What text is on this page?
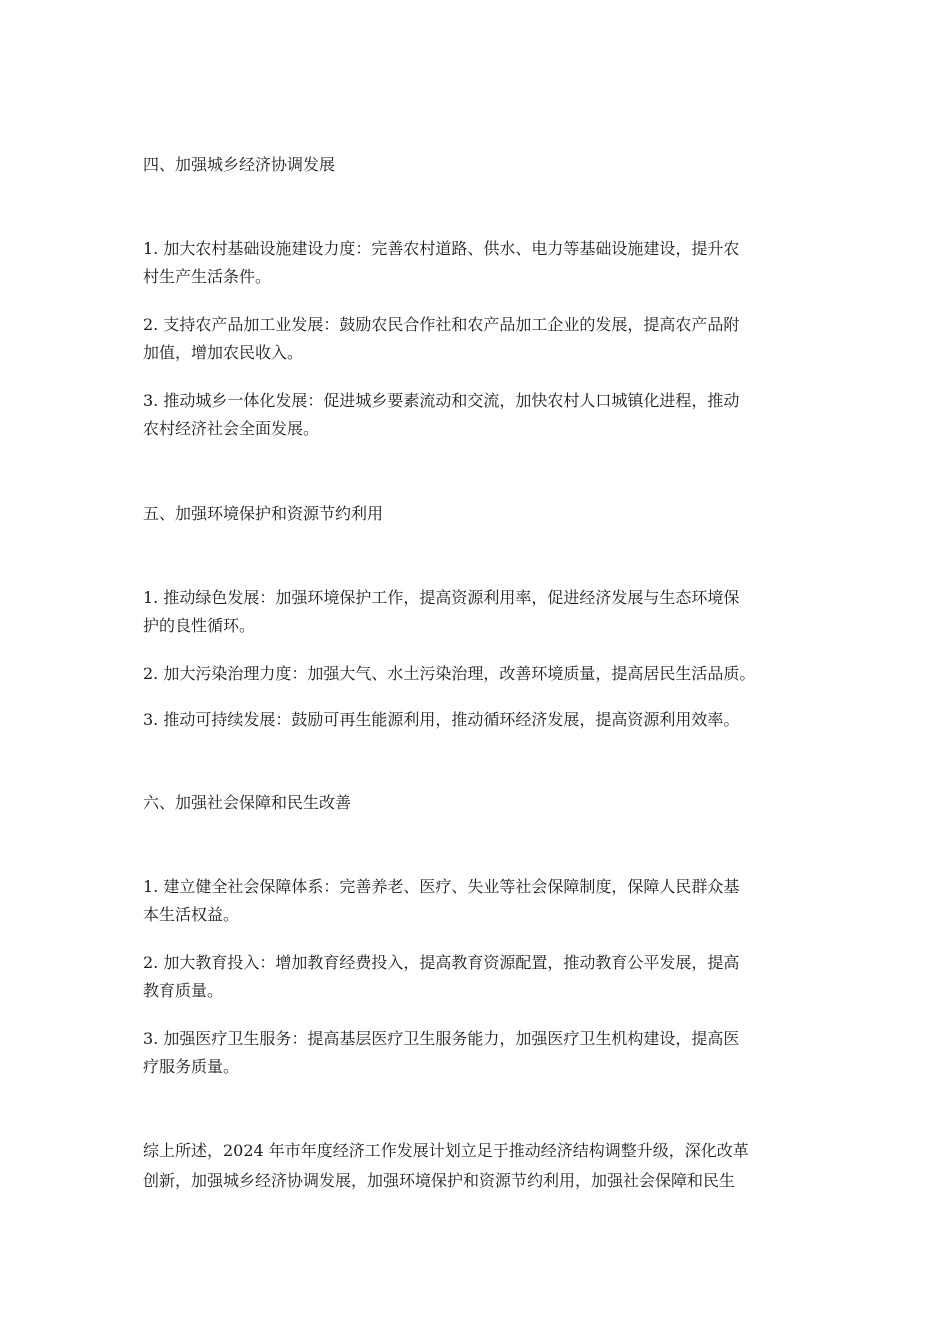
四、加强城乡经济协调发展
1. 加大农村基础设施建设力度：完善农村道路、供水、电力等基础设施建设，提升农
村生产生活条件。
2. 支持农产品加工业发展：鼓励农民合作社和农产品加工企业的发展，提高农产品附
加值，增加农民收入。
3. 推动城乡一体化发展：促进城乡要素流动和交流，加快农村人口城镇化进程，推动
农村经济社会全面发展。
五、加强环境保护和资源节约利用
1. 推动绿色发展：加强环境保护工作，提高资源利用率，促进经济发展与生态环境保
护的良性循环。
2. 加大污染治理力度：加强大气、水土污染治理，改善环境质量，提高居民生活品质。
3. 推动可持续发展：鼓励可再生能源利用，推动循环经济发展，提高资源利用效率。
六、加强社会保障和民生改善
1. 建立健全社会保障体系：完善养老、医疗、失业等社会保障制度，保障人民群众基
本生活权益。
2. 加大教育投入：增加教育经费投入，提高教育资源配置，推动教育公平发展，提高
教育质量。
3. 加强医疗卫生服务：提高基层医疗卫生服务能力，加强医疗卫生机构建设，提高医
疗服务质量。
综上所述，2024 年市年度经济工作发展计划立足于推动经济结构调整升级，深化改革
创新，加强城乡经济协调发展，加强环境保护和资源节约利用，加强社会保障和民生
